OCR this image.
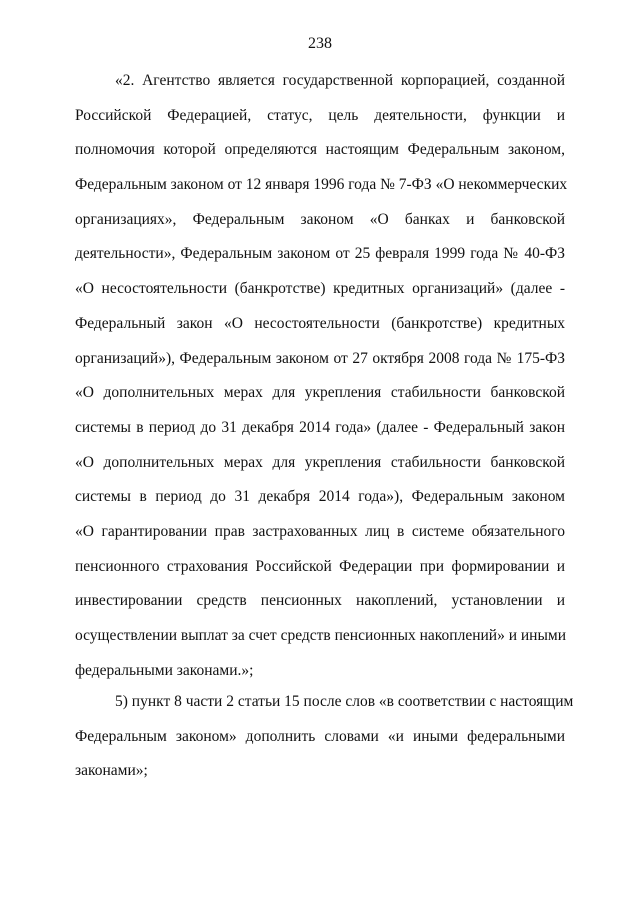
238
«2. Агентство является государственной корпорацией, созданной
Российской Федерацией, статус, цель деятельности, функции и
полномочия которой определяются настоящим Федеральным законом,
Федеральным законом от 12 января 1996 года № 7-ФЗ «О некоммерческих
организациях», Федеральным законом «О банках и банковской
деятельности», Федеральным законом от 25 февраля 1999 года № 40-ФЗ
«О несостоятельности (банкротстве) кредитных организаций» (далее -
Федеральный закон «О несостоятельности (банкротстве) кредитных
организаций»), Федеральным законом от 27 октября 2008 года № 175-ФЗ
«О дополнительных мерах для укрепления стабильности банковской
системы в период до 31 декабря 2014 года» (далее - Федеральный закон
«О дополнительных мерах для укрепления стабильности банковской
системы в период до 31 декабря 2014 года»), Федеральным законом
«О гарантировании прав застрахованных лиц в системе обязательного
пенсионного страхования Российской Федерации при формировании и
инвестировании средств пенсионных накоплений, установлении и
осуществлении выплат за счет средств пенсионных накоплений» и иными
федеральными законами.»;
5) пункт 8 части 2 статьи 15 после слов «в соответствии с настоящим
Федеральным законом» дополнить словами «и иными федеральными
законами»;
